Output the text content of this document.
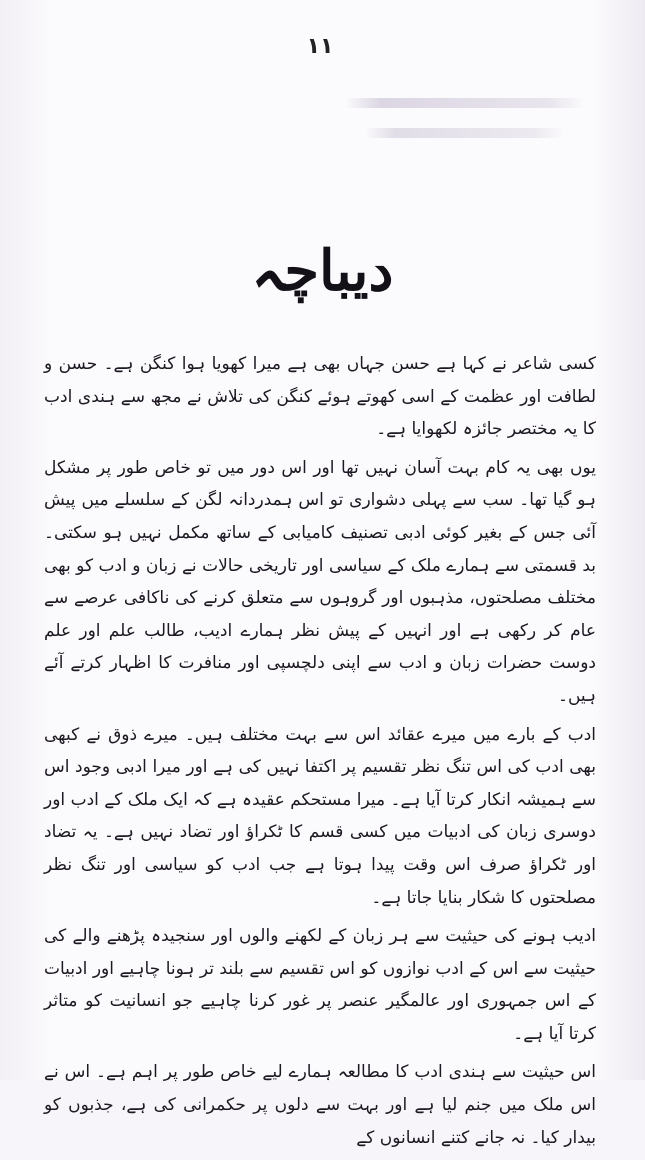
۱۱
دیباچہ

کسی شاعر نے کہا ہے حسن جہاں بھی ہے میرا کھویا ہوا کنگن ہے۔ حسن و لطافت اور عظمت کے اسی کھوتے ہوئے کنگن کی تلاش نے مجھ سے ہندی ادب کا یہ مختصر جائزہ لکھوایا ہے۔

یوں بھی یہ کام بہت آسان نہیں تھا اور اس دور میں تو خاص طور پر مشکل ہو گیا تھا۔ سب سے پہلی دشواری تو اس ہمدردانہ لگن کے سلسلے میں پیش آئی جس کے بغیر کوئی ادبی تصنیف کامیابی کے ساتھ مکمل نہیں ہو سکتی۔ بد قسمتی سے ہمارے ملک کے سیاسی اور تاریخی حالات نے زبان و ادب کو بھی مختلف مصلحتوں، مذہبوں اور گروہوں سے متعلق کرنے کی ناکافی عرصے سے عام کر رکھی ہے اور انہیں کے پیش نظر ہمارے ادیب، طالب علم اور علم دوست حضرات زبان و ادب سے اپنی دلچسپی اور منافرت کا اظہار کرتے آئے ہیں۔

ادب کے بارے میں میرے عقائد اس سے بہت مختلف ہیں۔ میرے ذوق نے کبھی بھی ادب کی اس تنگ نظر تقسیم پر اکتفا نہیں کی ہے اور میرا ادبی وجود اس سے ہمیشہ انکار کرتا آیا ہے۔ میرا مستحکم عقیدہ ہے کہ ایک ملک کے ادب اور دوسری زبان کی ادبیات میں کسی قسم کا ٹکراؤ اور تضاد نہیں ہے۔ یہ تضاد اور ٹکراؤ صرف اس وقت پیدا ہوتا ہے جب ادب کو سیاسی اور تنگ نظر مصلحتوں کا شکار بنایا جاتا ہے۔

ادیب ہونے کی حیثیت سے ہر زبان کے لکھنے والوں اور سنجیدہ پڑھنے والے کی حیثیت سے اس کے ادب نوازوں کو اس تقسیم سے بلند تر ہونا چاہیے اور ادبیات کے اس جمہوری اور عالمگیر عنصر پر غور کرنا چاہیے جو انسانیت کو متاثر کرتا آیا ہے۔

اس حیثیت سے ہندی ادب کا مطالعہ ہمارے لیے خاص طور پر اہم ہے۔ اس نے اس ملک میں جنم لیا ہے اور بہت سے دلوں پر حکمرانی کی ہے، جذبوں کو بیدار کیا۔ نہ جانے کتنے انسانوں کے
